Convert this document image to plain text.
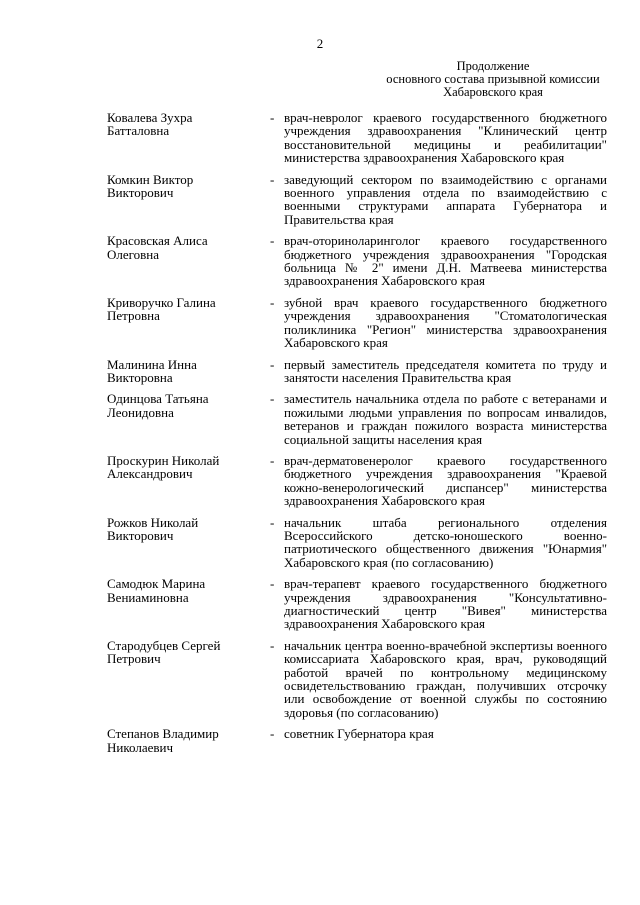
2
Продолжение
основного состава призывной комиссии
Хабаровского края
Ковалева Зухра
Батталовна
- врач-невролог краевого государственного бюджетного учреждения здравоохранения "Клинический центр восстановительной медицины и реабилитации" министерства здравоохранения Хабаровского края
Комкин Виктор
Викторович
- заведующий сектором по взаимодействию с органами военного управления отдела по взаимодействию с военными структурами аппарата Губернатора и Правительства края
Красовская Алиса
Олеговна
- врач-оториноларинголог краевого государственного бюджетного учреждения здравоохранения "Городская больница № 2" имени Д.Н. Матвеева министерства здравоохранения Хабаровского края
Криворучко Галина
Петровна
- зубной врач краевого государственного бюджетного учреждения здравоохранения "Стоматологическая поликлиника "Регион" министерства здравоохранения Хабаровского края
Малинина Инна
Викторовна
- первый заместитель председателя комитета по труду и занятости населения Правительства края
Одинцова Татьяна
Леонидовна
- заместитель начальника отдела по работе с ветеранами и пожилыми людьми управления по вопросам инвалидов, ветеранов и граждан пожилого возраста министерства социальной защиты населения края
Проскурин Николай
Александрович
- врач-дерматовенеролог краевого государственного бюджетного учреждения здравоохранения "Краевой кожно-венерологический диспансер" министерства здравоохранения Хабаровского края
Рожков Николай
Викторович
- начальник штаба регионального отделения Всероссийского детско-юношеского военно-патриотического общественного движения "Юнармия" Хабаровского края (по согласованию)
Самодюк Марина
Вениаминовна
- врач-терапевт краевого государственного бюджетного учреждения здравоохранения "Консультативно-диагностический центр "Вивея" министерства здравоохранения Хабаровского края
Стародубцев Сергей
Петрович
- начальник центра военно-врачебной экспертизы военного комиссариата Хабаровского края, врач, руководящий работой врачей по контрольному медицинскому освидетельствованию граждан, получивших отсрочку или освобождение от военной службы по состоянию здоровья (по согласованию)
Степанов Владимир
Николаевич
- советник Губернатора края
